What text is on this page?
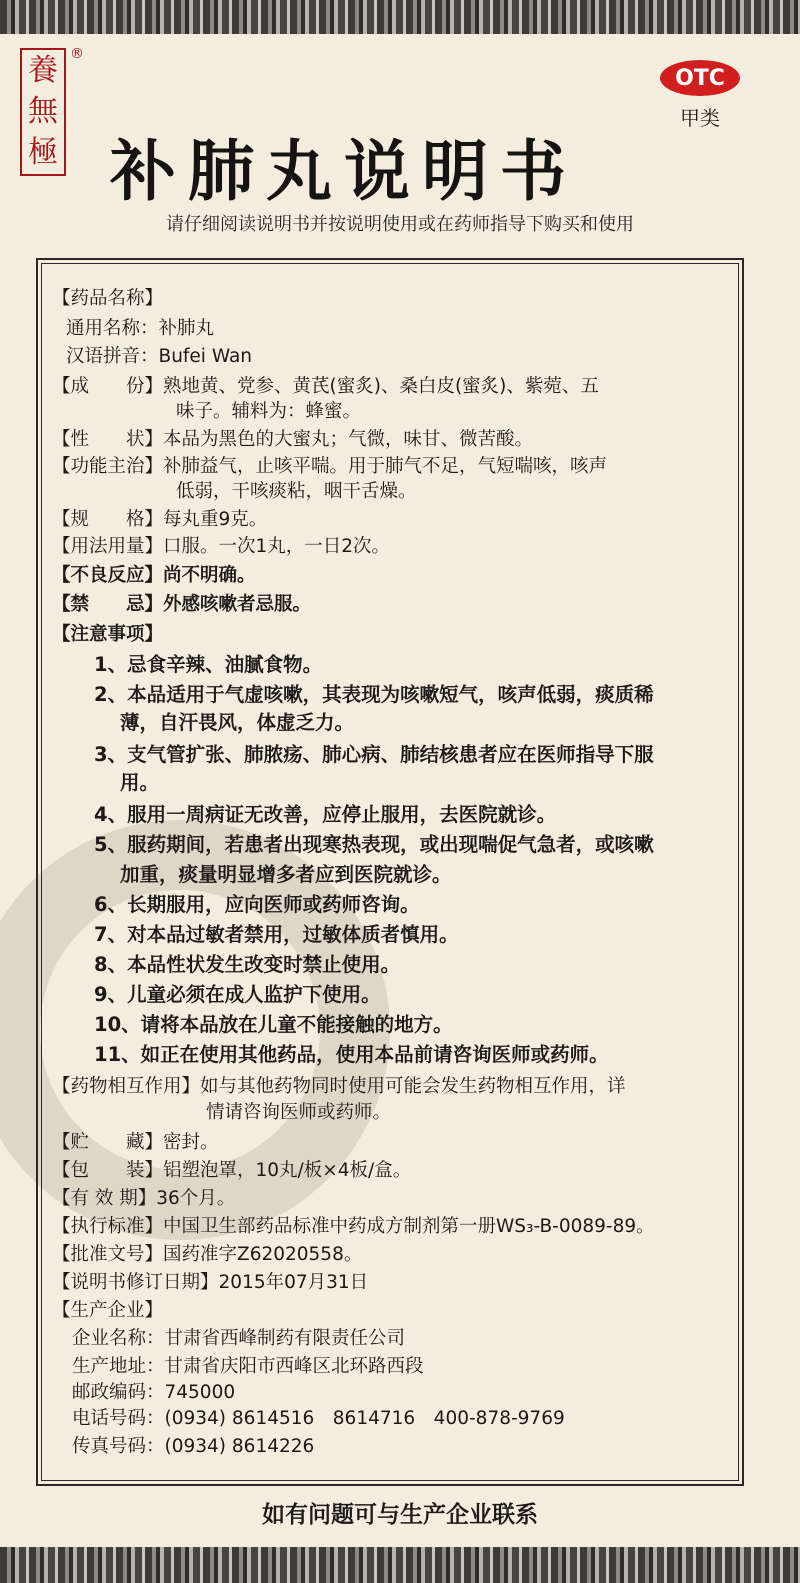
養
無
極
®
OTC
甲类
补肺丸说明书
请仔细阅读说明书并按说明使用或在药师指导下购买和使用
【药品名称】
通用名称：补肺丸
汉语拼音：Bufei Wan
【成　　份】熟地黄、党参、黄芪(蜜炙)、桑白皮(蜜炙)、紫菀、五
味子。辅料为：蜂蜜。
【性　　状】本品为黑色的大蜜丸；气微，味甘、微苦酸。
【功能主治】补肺益气，止咳平喘。用于肺气不足，气短喘咳，咳声
低弱，干咳痰粘，咽干舌燥。
【规　　格】每丸重9克。
【用法用量】口服。一次1丸，一日2次。
【不良反应】尚不明确。
【禁　　忌】外感咳嗽者忌服。
【注意事项】
1、忌食辛辣、油腻食物。
2、本品适用于气虚咳嗽，其表现为咳嗽短气，咳声低弱，痰质稀
薄，自汗畏风，体虚乏力。
3、支气管扩张、肺脓疡、肺心病、肺结核患者应在医师指导下服
用。
4、服用一周病证无改善，应停止服用，去医院就诊。
5、服药期间，若患者出现寒热表现，或出现喘促气急者，或咳嗽
加重，痰量明显增多者应到医院就诊。
6、长期服用，应向医师或药师咨询。
7、对本品过敏者禁用，过敏体质者慎用。
8、本品性状发生改变时禁止使用。
9、儿童必须在成人监护下使用。
10、请将本品放在儿童不能接触的地方。
11、如正在使用其他药品，使用本品前请咨询医师或药师。
【药物相互作用】如与其他药物同时使用可能会发生药物相互作用，详
情请咨询医师或药师。
【贮　　藏】密封。
【包　　装】铝塑泡罩，10丸/板×4板/盒。
【有 效 期】36个月。
【执行标准】中国卫生部药品标准中药成方制剂第一册WS₃-B-0089-89。
【批准文号】国药准字Z62020558。
【说明书修订日期】2015年07月31日
【生产企业】
企业名称：甘肃省西峰制药有限责任公司
生产地址：甘肃省庆阳市西峰区北环路西段
邮政编码：745000
电话号码：(0934) 8614516　8614716　400-878-9769
传真号码：(0934) 8614226
如有问题可与生产企业联系
